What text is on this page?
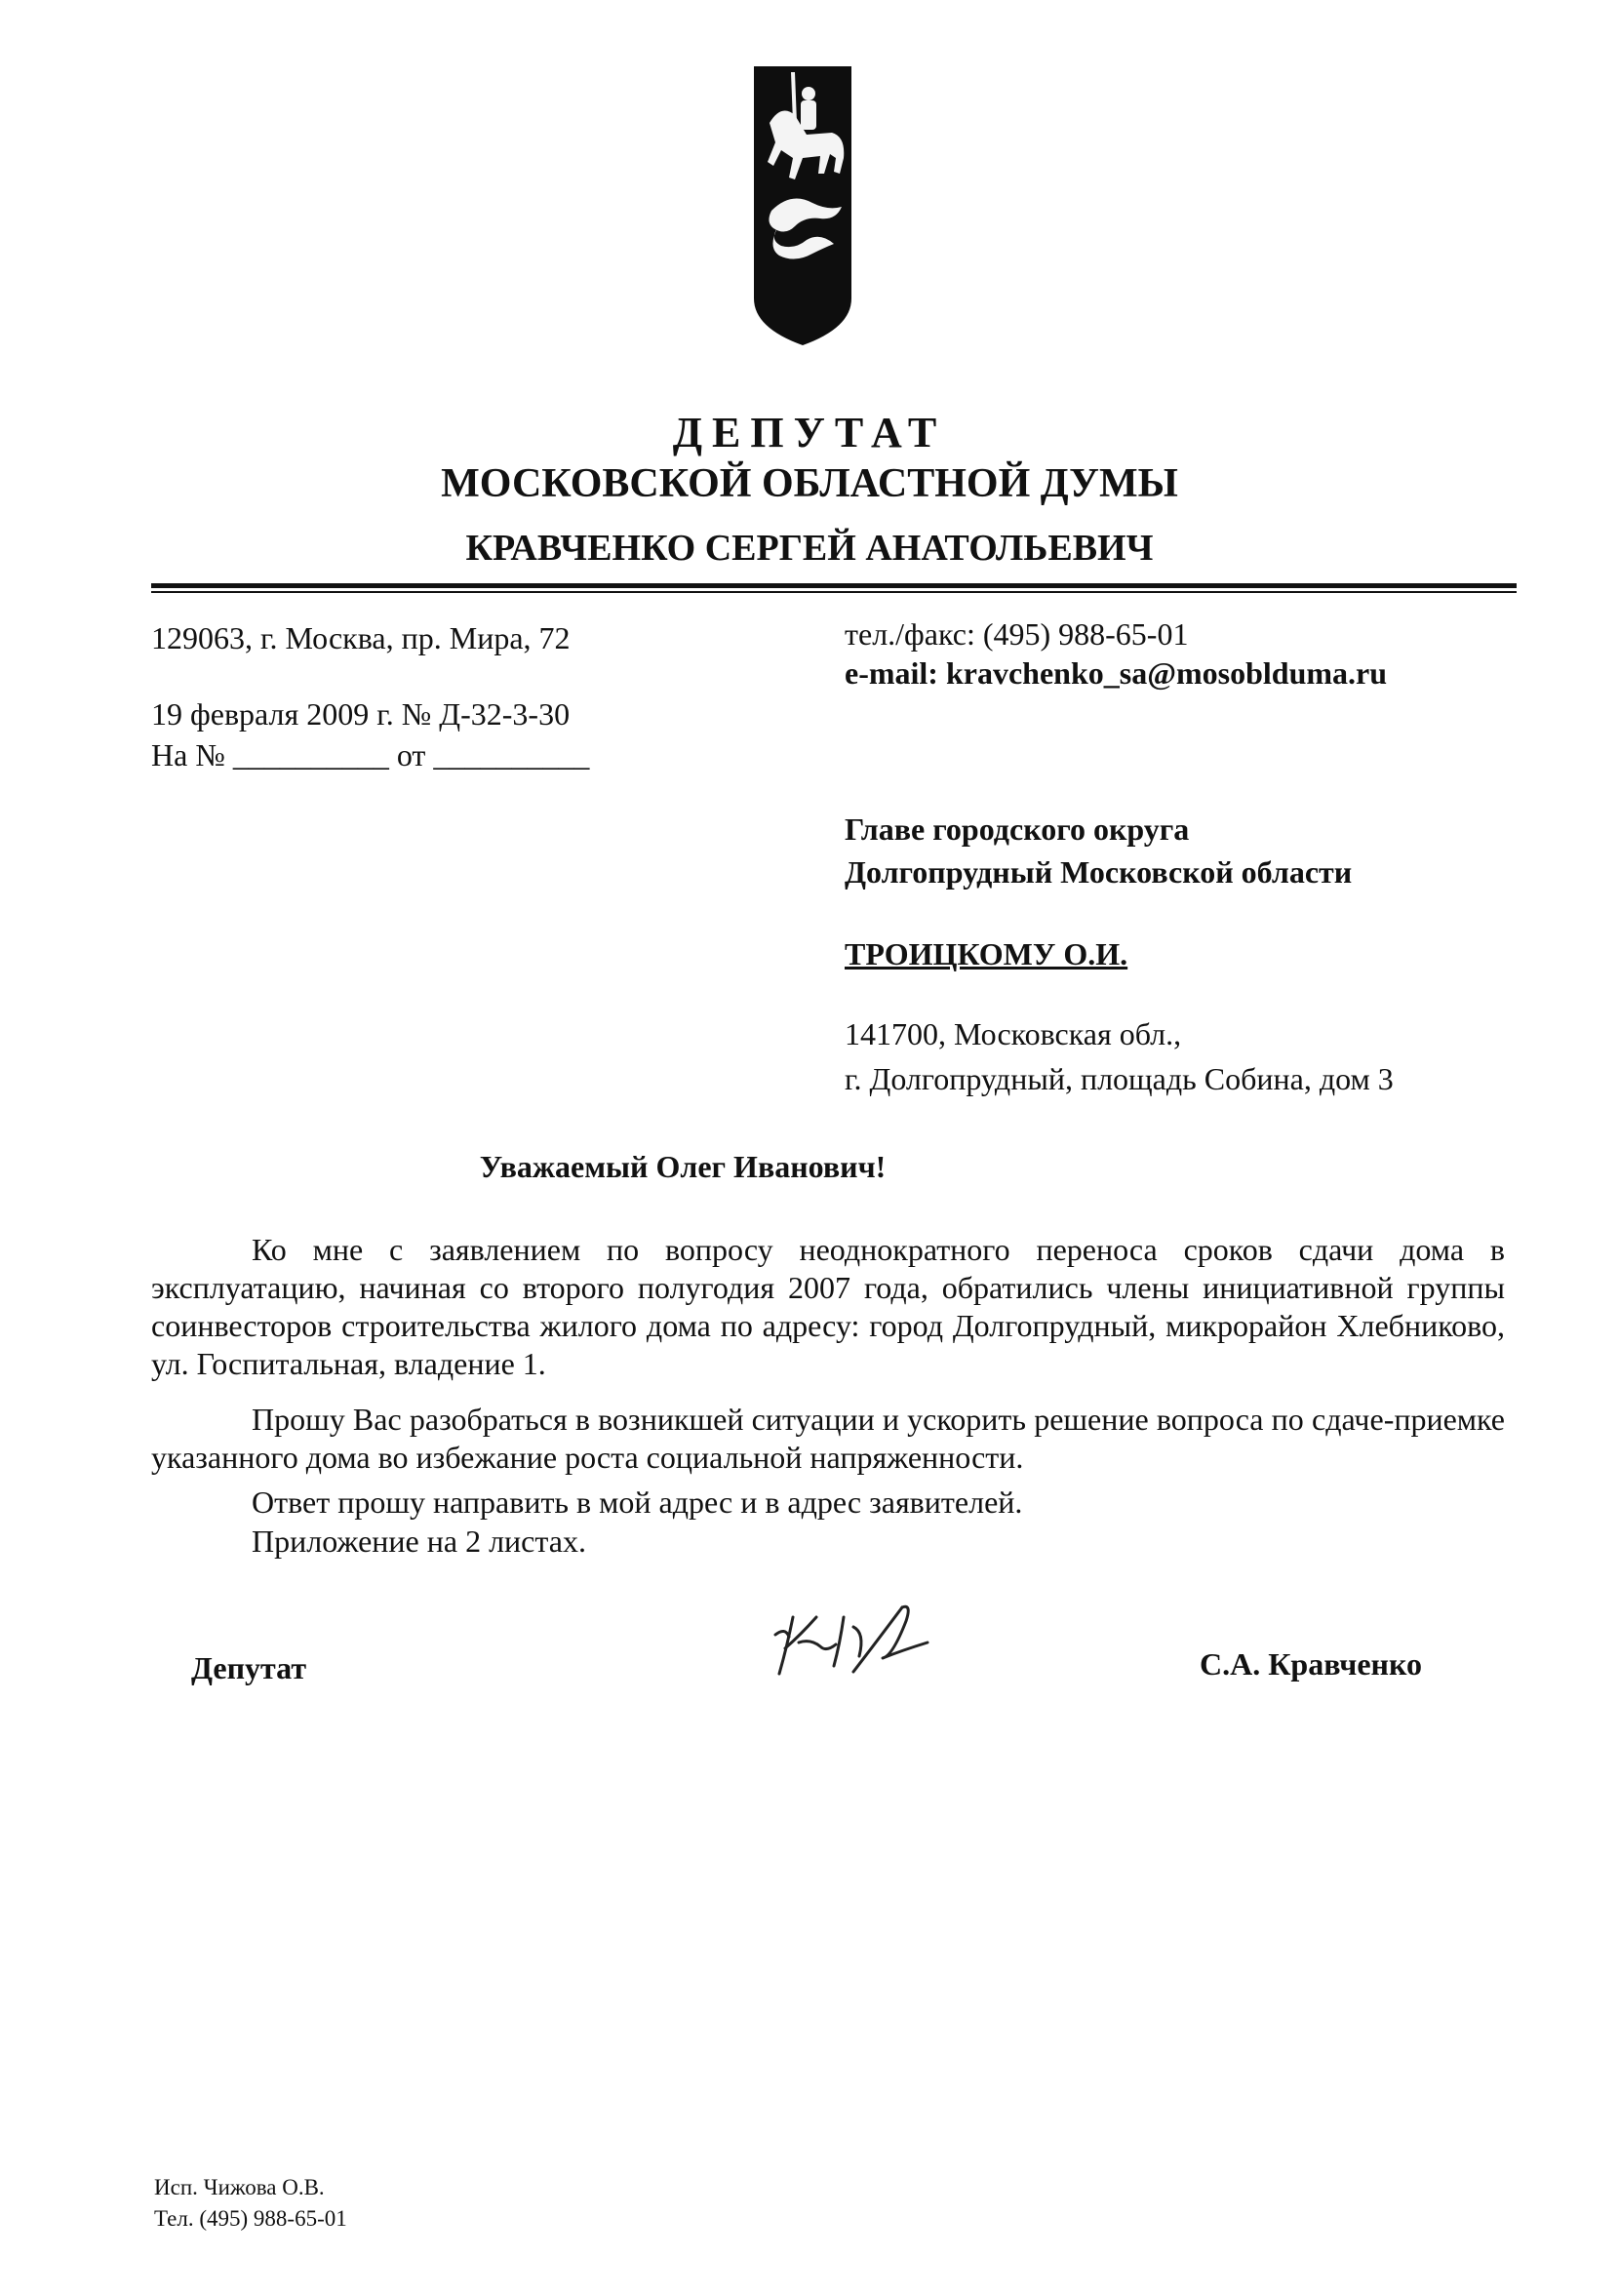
ДЕПУТАТ
МОСКОВСКОЙ ОБЛАСТНОЙ ДУМЫ
КРАВЧЕНКО СЕРГЕЙ АНАТОЛЬЕВИЧ
129063, г. Москва, пр. Мира, 72	тел./факс: (495) 988-65-01
e-mail: kravchenko_sa@mosoblduma.ru
19 февраля 2009 г. № Д-32-3-30
На № __________ от __________
Главе городского округа
Долгопрудный Московской области
ТРОИЦКОМУ О.И.
141700, Московская обл.,
г. Долгопрудный, площадь Собина, дом 3
Уважаемый Олег Иванович!
Ко мне с заявлением по вопросу неоднократного переноса сроков сдачи дома в эксплуатацию, начиная со второго полугодия 2007 года, обратились члены инициативной группы соинвесторов строительства жилого дома по адресу: город Долгопрудный, микрорайон Хлебниково, ул. Госпитальная, владение 1.
Прошу Вас разобраться в возникшей ситуации и ускорить решение вопроса по сдаче-приемке указанного дома во избежание роста социальной напряженности.
Ответ прошу направить в мой адрес и в адрес заявителей.
Приложение на 2 листах.
Депутат	С.А. Кравченко
Исп. Чижова О.В.
Тел. (495) 988-65-01
